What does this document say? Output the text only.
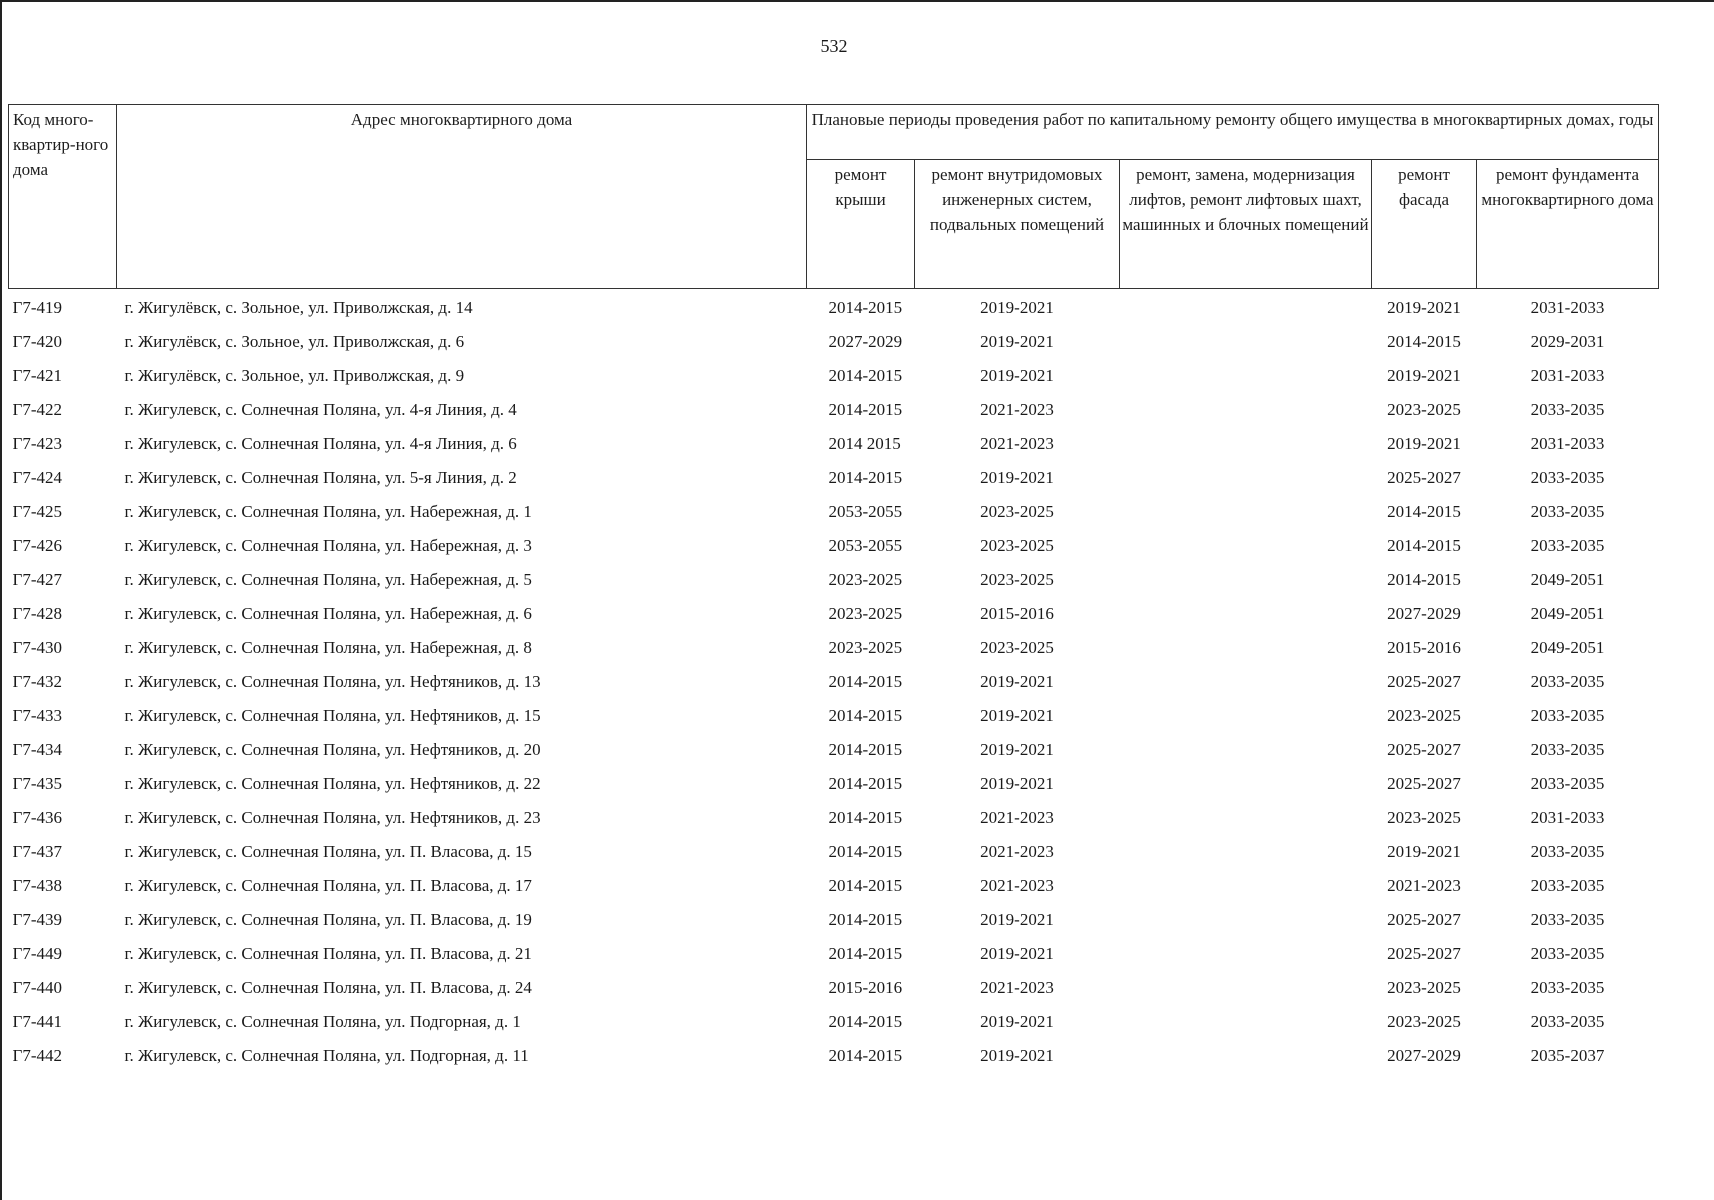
532
Код много-квартир-ного дома	Адрес многоквартирного дома	Плановые периоды проведения работ по капитальному ремонту общего имущества в многоквартирных домах, годы				
		ремонт крыши	ремонт внутридомовых инженерных систем, подвальных помещений	ремонт, замена, модернизация лифтов, ремонт лифтовых шахт, машинных и блочных помещений	ремонт фасада	ремонт фундамента многоквартирного дома
Г7-419	г. Жигулёвск, с. Зольное, ул. Приволжская, д. 14	2014-2015	2019-2021		2019-2021	2031-2033
Г7-420	г. Жигулёвск, с. Зольное, ул. Приволжская, д. 6	2027-2029	2019-2021		2014-2015	2029-2031
Г7-421	г. Жигулёвск, с. Зольное, ул. Приволжская, д. 9	2014-2015	2019-2021		2019-2021	2031-2033
Г7-422	г. Жигулевск, с. Солнечная Поляна, ул. 4-я Линия, д. 4	2014-2015	2021-2023		2023-2025	2033-2035
Г7-423	г. Жигулевск, с. Солнечная Поляна, ул. 4-я Линия, д. 6	2014 2015	2021-2023		2019-2021	2031-2033
Г7-424	г. Жигулевск, с. Солнечная Поляна, ул. 5-я Линия, д. 2	2014-2015	2019-2021		2025-2027	2033-2035
Г7-425	г. Жигулевск, с. Солнечная Поляна, ул. Набережная, д. 1	2053-2055	2023-2025		2014-2015	2033-2035
Г7-426	г. Жигулевск, с. Солнечная Поляна, ул. Набережная, д. 3	2053-2055	2023-2025		2014-2015	2033-2035
Г7-427	г. Жигулевск, с. Солнечная Поляна, ул. Набережная, д. 5	2023-2025	2023-2025		2014-2015	2049-2051
Г7-428	г. Жигулевск, с. Солнечная Поляна, ул. Набережная, д. 6	2023-2025	2015-2016		2027-2029	2049-2051
Г7-430	г. Жигулевск, с. Солнечная Поляна, ул. Набережная, д. 8	2023-2025	2023-2025		2015-2016	2049-2051
Г7-432	г. Жигулевск, с. Солнечная Поляна, ул. Нефтяников, д. 13	2014-2015	2019-2021		2025-2027	2033-2035
Г7-433	г. Жигулевск, с. Солнечная Поляна, ул. Нефтяников, д. 15	2014-2015	2019-2021		2023-2025	2033-2035
Г7-434	г. Жигулевск, с. Солнечная Поляна, ул. Нефтяников, д. 20	2014-2015	2019-2021		2025-2027	2033-2035
Г7-435	г. Жигулевск, с. Солнечная Поляна, ул. Нефтяников, д. 22	2014-2015	2019-2021		2025-2027	2033-2035
Г7-436	г. Жигулевск, с. Солнечная Поляна, ул. Нефтяников, д. 23	2014-2015	2021-2023		2023-2025	2031-2033
Г7-437	г. Жигулевск, с. Солнечная Поляна, ул. П. Власова, д. 15	2014-2015	2021-2023		2019-2021	2033-2035
Г7-438	г. Жигулевск, с. Солнечная Поляна, ул. П. Власова, д. 17	2014-2015	2021-2023		2021-2023	2033-2035
Г7-439	г. Жигулевск, с. Солнечная Поляна, ул. П. Власова, д. 19	2014-2015	2019-2021		2025-2027	2033-2035
Г7-449	г. Жигулевск, с. Солнечная Поляна, ул. П. Власова, д. 21	2014-2015	2019-2021		2025-2027	2033-2035
Г7-440	г. Жигулевск, с. Солнечная Поляна, ул. П. Власова, д. 24	2015-2016	2021-2023		2023-2025	2033-2035
Г7-441	г. Жигулевск, с. Солнечная Поляна, ул. Подгорная, д. 1	2014-2015	2019-2021		2023-2025	2033-2035
Г7-442	г. Жигулевск, с. Солнечная Поляна, ул. Подгорная, д. 11	2014-2015	2019-2021		2027-2029	2035-2037
